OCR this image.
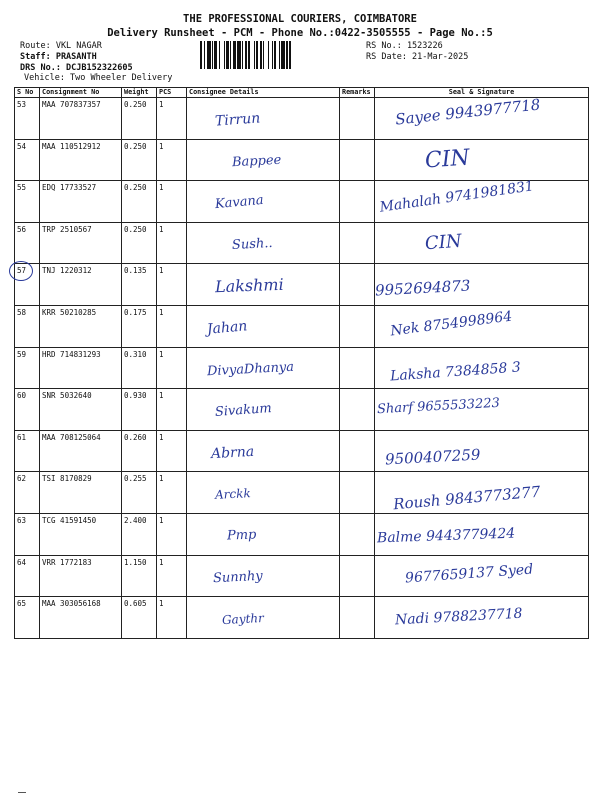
THE PROFESSIONAL COURIERS, COIMBATORE
Delivery Runsheet - PCM - Phone No.:0422-3505555 - Page No.:5
Route: VKL NAGAR
Staff: PRASANTH
DRS No.: DCJB152322605
Vehicle: Two Wheeler Delivery
RS No.: 1523226
RS Date: 21-Mar-2025
S No	Consignment No	Weight	PCS	Consignee Details	Remarks	Seal & Signature
53	MAA 707837357	0.250	1	Tirrun		Sayee 9943977718

54	MAA 110512912	0.250	1	Bappee		CIN

55	EDQ 17733527	0.250	1	Kavana		Mahalah 9741981831

56	TRP 2510567	0.250	1	Sush..		CIN

57	TNJ 1220312	0.135	1	Lakshmi		9952694873

58	KRR 50210285	0.175	1	Jahan		Nek 8754998964

59	HRD 714831293	0.310	1	DivyaDhanya		Laksha 7384858 3

60	SNR 5032640	0.930	1	Sivakum		Sharf 9655533223

61	MAA 708125064	0.260	1	Abrna		9500407259

62	TSI 8170829	0.255	1	Arckk		Roush 9843773277

63	TCG 41591450	2.400	1	Pmp		Balme 9443779424

64	VRR 1772183	1.150	1	Sunnhy		9677659137 Syed

65	MAA 303056168	0.605	1	Gaythr		Nadi 9788237718
